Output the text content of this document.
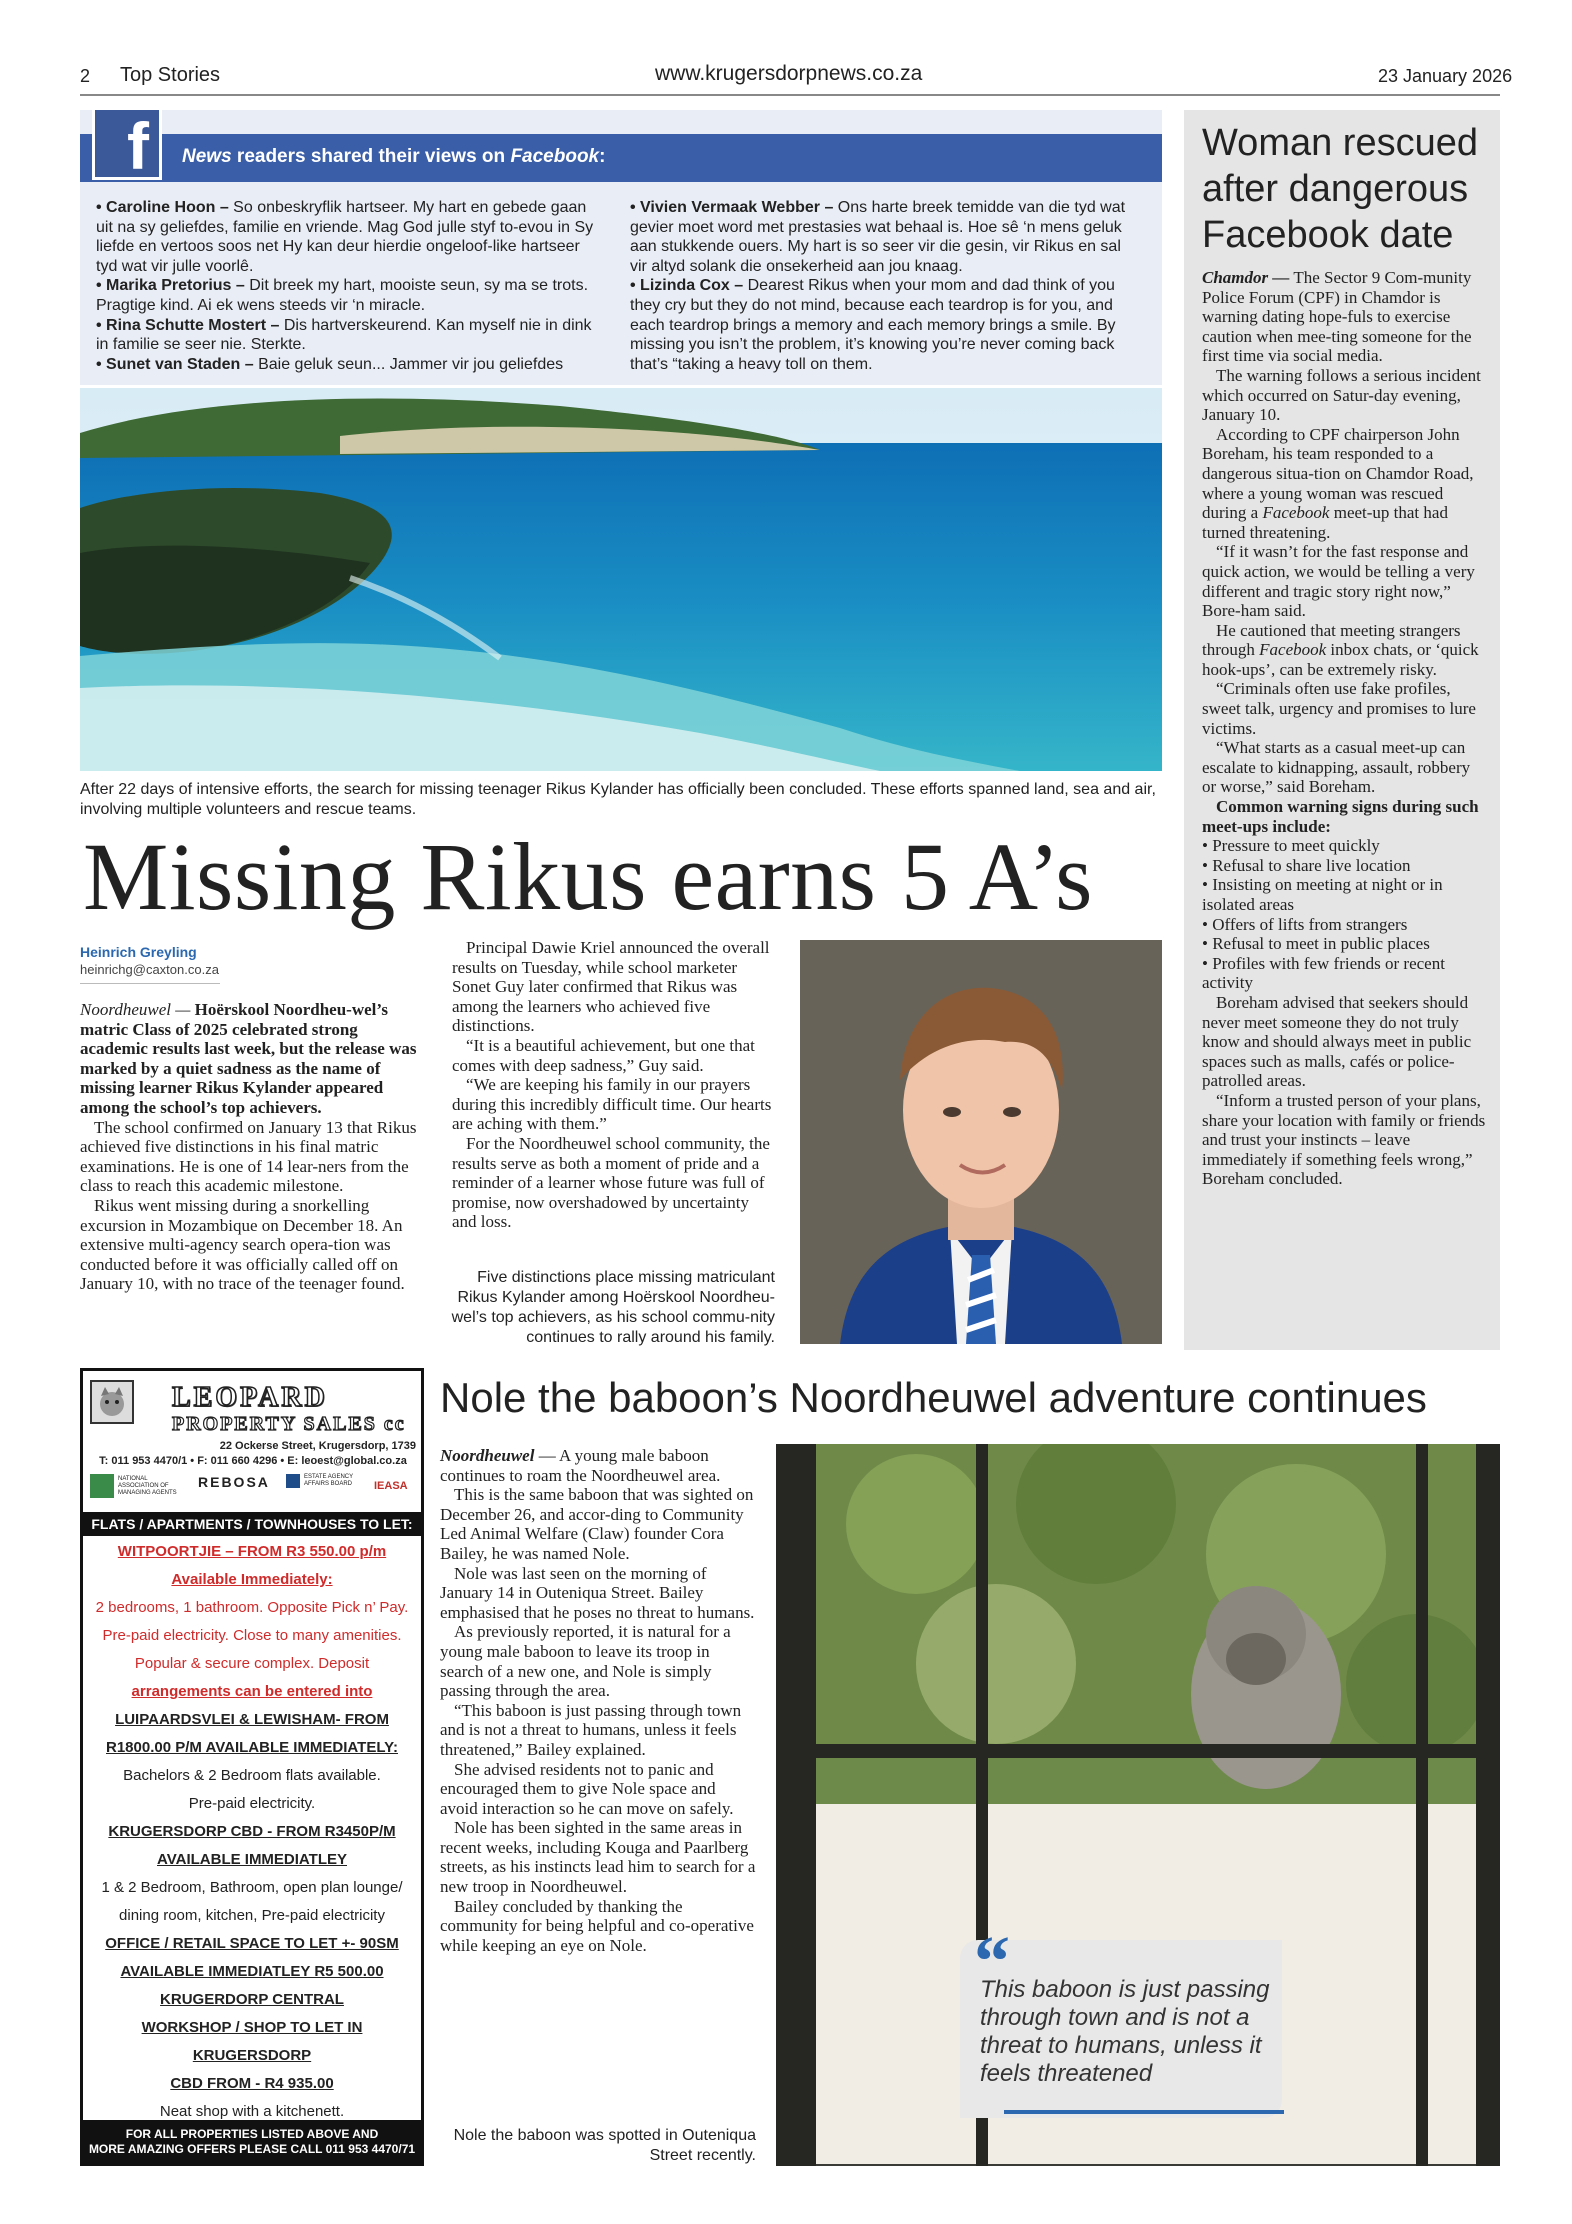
2 Top Stories	www.krugersdorpnews.co.za	23 January 2026
f News readers shared their views on Facebook:

• Caroline Hoon – So onbeskryflik hartseer. My hart en gebede gaan uit na sy geliefdes, familie en vriende. Mag God julle styf to-evou in Sy liefde en vertoos soos net Hy kan deur hierdie ongeloof-like hartseer tyd wat vir julle voorlê.

• Marika Pretorius – Dit breek my hart, mooiste seun, sy ma se trots. Pragtige kind. Ai ek wens steeds vir ‘n miracle.

• Rina Schutte Mostert – Dis hartverskeurend. Kan myself nie in dink in familie se seer nie. Sterkte.

• Sunet van Staden – Baie geluk seun... Jammer vir jou geliefdes

• Vivien Vermaak Webber – Ons harte breek temidde van die tyd wat gevier moet word met prestasies wat behaal is. Hoe sê ‘n mens geluk aan stukkende ouers. My hart is so seer vir die gesin, vir Rikus en sal vir altyd solank die onsekerheid aan jou knaag.

• Lizinda Cox – Dearest Rikus when your mom and dad think of you they cry but they do not mind, because each teardrop is for you, and each teardrop brings a memory and each memory brings a smile. By missing you isn’t the problem, it’s knowing you’re never coming back that’s “taking a heavy toll on them.

After 22 days of intensive efforts, the search for missing teenager Rikus Kylander has officially been concluded. These efforts spanned land, sea and air, involving multiple volunteers and rescue teams.
Missing Rikus earns 5 A’s
Heinrich Greyling
heinrichg@caxton.co.za

Noordheuwel — Hoërskool Noordheu-wel’s matric Class of 2025 celebrated strong academic results last week, but the release was marked by a quiet sadness as the name of missing learner Rikus Kylander appeared among the school’s top achievers.

The school confirmed on January 13 that Rikus achieved five distinctions in his final matric examinations. He is one of 14 lear-ners from the class to reach this academic milestone.

Rikus went missing during a snorkelling excursion in Mozambique on December 18. An extensive multi-agency search opera-tion was conducted before it was officially called off on January 10, with no trace of the teenager found.

Principal Dawie Kriel announced the overall results on Tuesday, while school marketer Sonet Guy later confirmed that Rikus was among the learners who achieved five distinctions.

“It is a beautiful achievement, but one that comes with deep sadness,” Guy said.

“We are keeping his family in our prayers during this incredibly difficult time. Our hearts are aching with them.”

For the Noordheuwel school community, the results serve as both a moment of pride and a reminder of a learner whose future was full of promise, now overshadowed by uncertainty and loss.

Five distinctions place missing matriculant Rikus Kylander among Hoërskool Noordheu-wel’s top achievers, as his school commu-nity continues to rally around his family.
Woman rescued after dangerous Facebook date

Chamdor — The Sector 9 Com-munity Police Forum (CPF) in Chamdor is warning dating hope-fuls to exercise caution when mee-ting someone for the first time via social media.

The warning follows a serious incident which occurred on Satur-day evening, January 10.

According to CPF chairperson John Boreham, his team responded to a dangerous situa-tion on Chamdor Road, where a young woman was rescued during a Facebook meet-up that had turned threatening.

“If it wasn’t for the fast response and quick action, we would be telling a very different and tragic story right now,” Bore-ham said.

He cautioned that meeting strangers through Facebook inbox chats, or ‘quick hook-ups’, can be extremely risky.

“Criminals often use fake profiles, sweet talk, urgency and promises to lure victims.

“What starts as a casual meet-up can escalate to kidnapping, assault, robbery or worse,” said Boreham.

Common warning signs during such meet-ups include:

• Pressure to meet quickly
• Refusal to share live location
• Insisting on meeting at night or in isolated areas
• Offers of lifts from strangers
• Refusal to meet in public places
• Profiles with few friends or recent activity

Boreham advised that seekers should never meet someone they do not truly know and should always meet in public spaces such as malls, cafés or police-patrolled areas.

“Inform a trusted person of your plans, share your location with family or friends and trust your instincts – leave immediately if something feels wrong,” Boreham concluded.

LEOPARD
PROPERTY SALES cc
22 Ockerse Street, Krugersdorp, 1739
T: 011 953 4470/1 • F: 011 660 4296 • E: leoest@global.co.za
NATIONAL ASSOCIATION OF MANAGING AGENTS
REBOSA	ESTATE AGENCY AFFAIRS BOARD	IEASA
FLATS / APARTMENTS / TOWNHOUSES TO LET:
WITPOORTJIE – FROM R3 550.00 p/m
Available Immediately:
2 bedrooms, 1 bathroom. Opposite Pick n’ Pay.
Pre-paid electricity. Close to many amenities.
Popular & secure complex. Deposit
arrangements can be entered into
LUIPAARDSVLEI & LEWISHAM- FROM
R1800.00 P/M AVAILABLE IMMEDIATELY:
Bachelors & 2 Bedroom flats available.
Pre-paid electricity.
KRUGERSDORP CBD - FROM R3450P/M
AVAILABLE IMMEDIATLEY
1 & 2 Bedroom, Bathroom, open plan lounge/
dining room, kitchen, Pre-paid electricity
OFFICE / RETAIL SPACE TO LET +- 90SM
AVAILABLE IMMEDIATLEY R5 500.00
KRUGERDORP CENTRAL
WORKSHOP / SHOP TO LET IN KRUGERSDORP
CBD FROM - R4 935.00
Neat shop with a kitchenett.
FOR ALL PROPERTIES LISTED ABOVE AND
MORE AMAZING OFFERS PLEASE CALL 011 953 4470/71
Nole the baboon’s Noordheuwel adventure continues

Noordheuwel — A young male baboon continues to roam the Noordheuwel area.

This is the same baboon that was sighted on December 26, and accor-ding to Community Led Animal Welfare (Claw) founder Cora Bailey, he was named Nole.

Nole was last seen on the morning of January 14 in Outeniqua Street. Bailey emphasised that he poses no threat to humans.

As previously reported, it is natural for a young male baboon to leave its troop in search of a new one, and Nole is simply passing through the area.

“This baboon is just passing through town and is not a threat to humans, unless it feels threatened,” Bailey explained.

She advised residents not to panic and encouraged them to give Nole space and avoid interaction so he can move on safely.

Nole has been sighted in the same areas in recent weeks, including Kouga and Paarlberg streets, as his instincts lead him to search for a new troop in Noordheuwel.

Bailey concluded by thanking the community for being helpful and co-operative while keeping an eye on Nole.

Nole the baboon was spotted in Outeniqua Street recently.
“
This baboon is just passing through town and is not a threat to humans, unless it feels threatened
